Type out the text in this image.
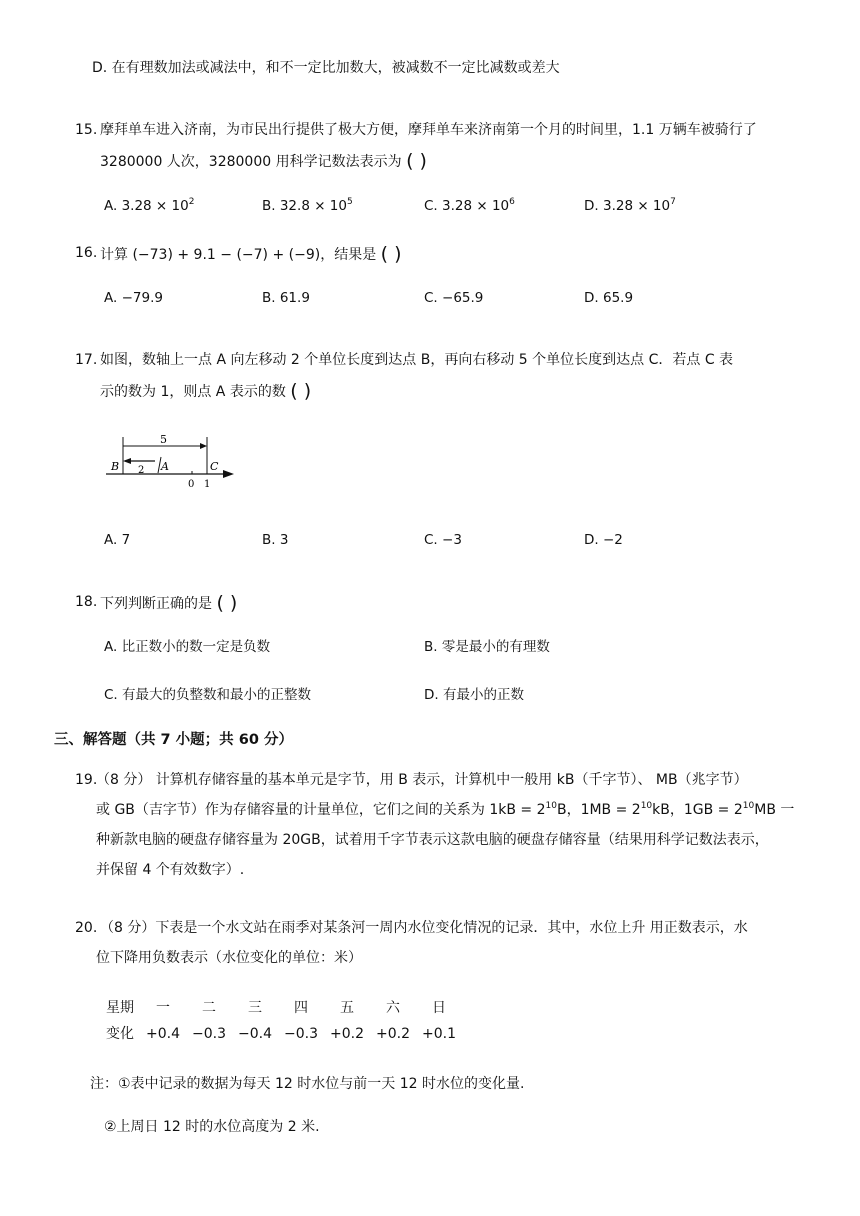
D. 在有理数加法或减法中，和不一定比加数大，被减数不一定比减数或差大
15. 摩拜单车进入济南，为市民出行提供了极大方便，摩拜单车来济南第一个月的时间里，1.1 万辆车被骑行了
3280000 人次，3280000 用科学记数法表示为 ( )
A. $3.28 \times 10^2$	B. $32.8 \times 10^5$	C. $3.28 \times 10^6$	D. $3.28 \times 10^7$
16. 计算 (−73) + 9.1 − (−7) + (−9)，结果是 ( )
A. −79.9	B. 61.9	C. −65.9	D. 65.9
17. 如图，数轴上一点 A 向左移动 2 个单位长度到达点 B，再向右移动 5 个单位长度到达点 C．若点 C 表
示的数为 1，则点 A 表示的数 ( )
5
2
B	A	C
0 1
A. 7	B. 3	C. −3	D. −2
18. 下列判断正确的是 ( )
A. 比正数小的数一定是负数	B. 零是最小的有理数
C. 有最大的负整数和最小的正整数	D. 有最小的正数
三、解答题（共 7 小题；共 60 分）
19.
（8 分） 计算机存储容量的基本单元是字节，用 B 表示，计算机中一般用 kB（千字节）、 MB（兆字节）
或 GB（吉字节）作为存储容量的计量单位，它们之间的关系为 $1kB = 2^{10}B$，$1MB = 2^{10}kB$，$1GB = 2^{10}MB$ 一
种新款电脑的硬盘存储容量为 20GB，试着用千字节表示这款电脑的硬盘存储容量（结果用科学记数法表示，
并保留 4 个有效数字）.
20. （8 分）下表是一个水文站在雨季对某条河一周内水位变化情况的记录．其中，水位上升 用正数表示，水
位下降用负数表示（水位变化的单位：米）
星期	一	二	三	四	五	六	日
变化 +0.4 −0.3 −0.4 −0.3 +0.2 +0.2 +0.1
注：①表中记录的数据为每天 12 时水位与前一天 12 时水位的变化量.
②上周日 12 时的水位高度为 2 米.
